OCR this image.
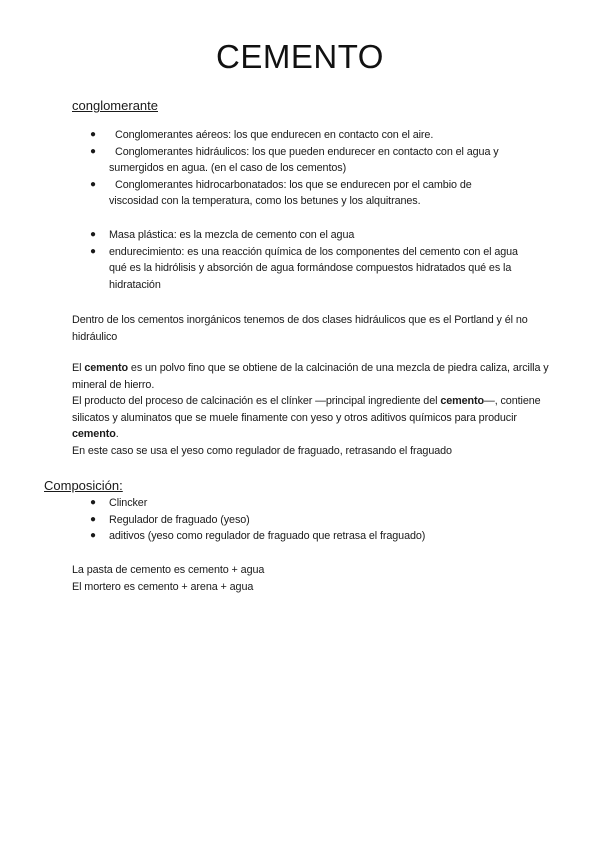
CEMENTO
conglomerante
● Conglomerantes aéreos: los que endurecen en contacto con el aire.
● Conglomerantes hidráulicos: los que pueden endurecer en contacto con el agua y sumergidos en agua. (en el caso de los cementos)
● Conglomerantes hidrocarbonatados: los que se endurecen por el cambio de viscosidad con la temperatura, como los betunes y los alquitranes.
● Masa plástica: es la mezcla de cemento con el agua
● endurecimiento: es una reacción química de los componentes del cemento con el agua qué es la hidrólisis y absorción de agua formándose compuestos hidratados qué es la hidratación

Dentro de los cementos inorgánicos tenemos de dos clases hidráulicos que es el Portland y él no hidráulico

El cemento es un polvo fino que se obtiene de la calcinación de una mezcla de piedra caliza, arcilla y mineral de hierro.
El producto del proceso de calcinación es el clínker —principal ingrediente del cemento—, contiene silicatos y aluminatos que se muele finamente con yeso y otros aditivos químicos para producir cemento.
En este caso se usa el yeso como regulador de fraguado, retrasando el fraguado
Composición:
● Clincker
● Regulador de fraguado (yeso)
● aditivos (yeso como regulador de fraguado que retrasa el fraguado)
La pasta de cemento es cemento + agua
El mortero es cemento + arena + agua
